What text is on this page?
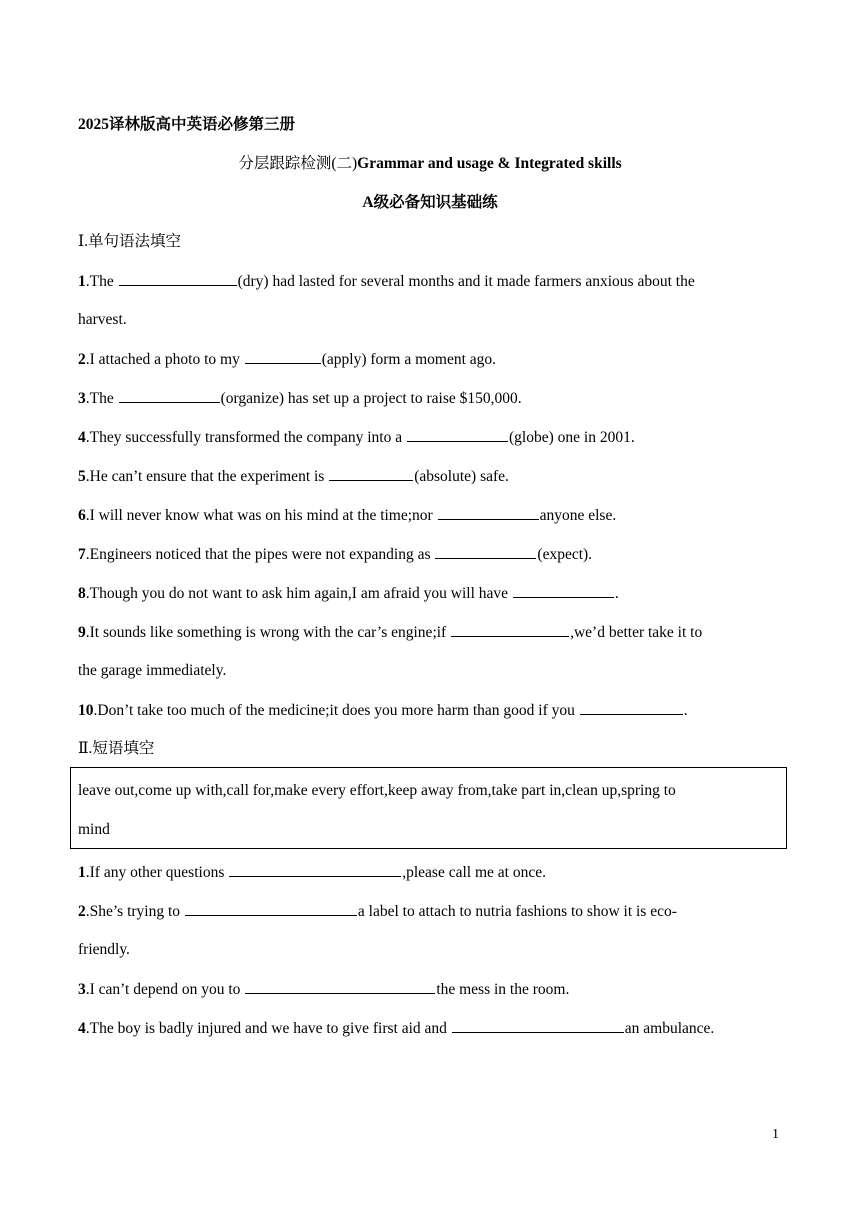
2025译林版高中英语必修第三册
分层跟踪检测(二)Grammar and usage & Integrated skills
A级必备知识基础练
Ⅰ.单句语法填空
1.The	(dry) had lasted for several months and it made farmers anxious about the
harvest.
2.I attached a photo to my	(apply) form a moment ago.
3.The	(organize) has set up a project to raise $150,000.
4.They successfully transformed the company into a	(globe) one in 2001.
5.He can’t ensure that the experiment is	(absolute) safe.
6.I will never know what was on his mind at the time;nor	anyone else.
7.Engineers noticed that the pipes were not expanding as	(expect).
8.Though you do not want to ask him again,I am afraid you will have	.
9.It sounds like something is wrong with the car’s engine;if	,we’d better take it to
the garage immediately.
10.Don’t take too much of the medicine;it does you more harm than good if you	.
Ⅱ.短语填空
leave out,come up with,call for,make every effort,keep away from,take part in,clean up,spring to
mind
1.If any other questions	,please call me at once.
2.She’s trying to	a label to attach to nutria fashions to show it is eco-
friendly.
3.I can’t depend on you to	the mess in the room.
4.The boy is badly injured and we have to give first aid and	an ambulance.
1
